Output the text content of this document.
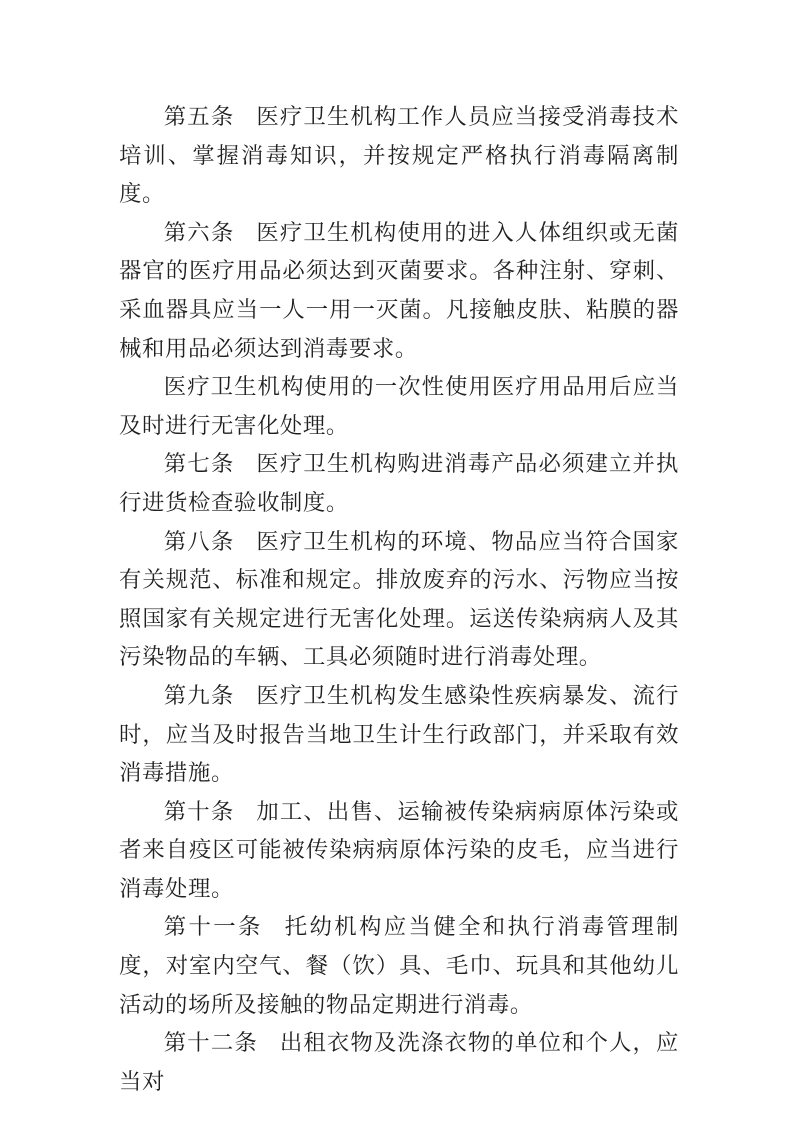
第五条 医疗卫生机构工作人员应当接受消毒技术培训、掌握消毒知识，并按规定严格执行消毒隔离制度。

第六条 医疗卫生机构使用的进入人体组织或无菌器官的医疗用品必须达到灭菌要求。各种注射、穿刺、采血器具应当一人一用一灭菌。凡接触皮肤、粘膜的器械和用品必须达到消毒要求。

医疗卫生机构使用的一次性使用医疗用品用后应当及时进行无害化处理。

第七条 医疗卫生机构购进消毒产品必须建立并执行进货检查验收制度。

第八条 医疗卫生机构的环境、物品应当符合国家有关规范、标准和规定。排放废弃的污水、污物应当按照国家有关规定进行无害化处理。运送传染病病人及其污染物品的车辆、工具必须随时进行消毒处理。

第九条 医疗卫生机构发生感染性疾病暴发、流行时，应当及时报告当地卫生计生行政部门，并采取有效消毒措施。

第十条 加工、出售、运输被传染病病原体污染或者来自疫区可能被传染病病原体污染的皮毛，应当进行消毒处理。

第十一条 托幼机构应当健全和执行消毒管理制度，对室内空气、餐（饮）具、毛巾、玩具和其他幼儿活动的场所及接触的物品定期进行消毒。

第十二条 出租衣物及洗涤衣物的单位和个人，应当对
